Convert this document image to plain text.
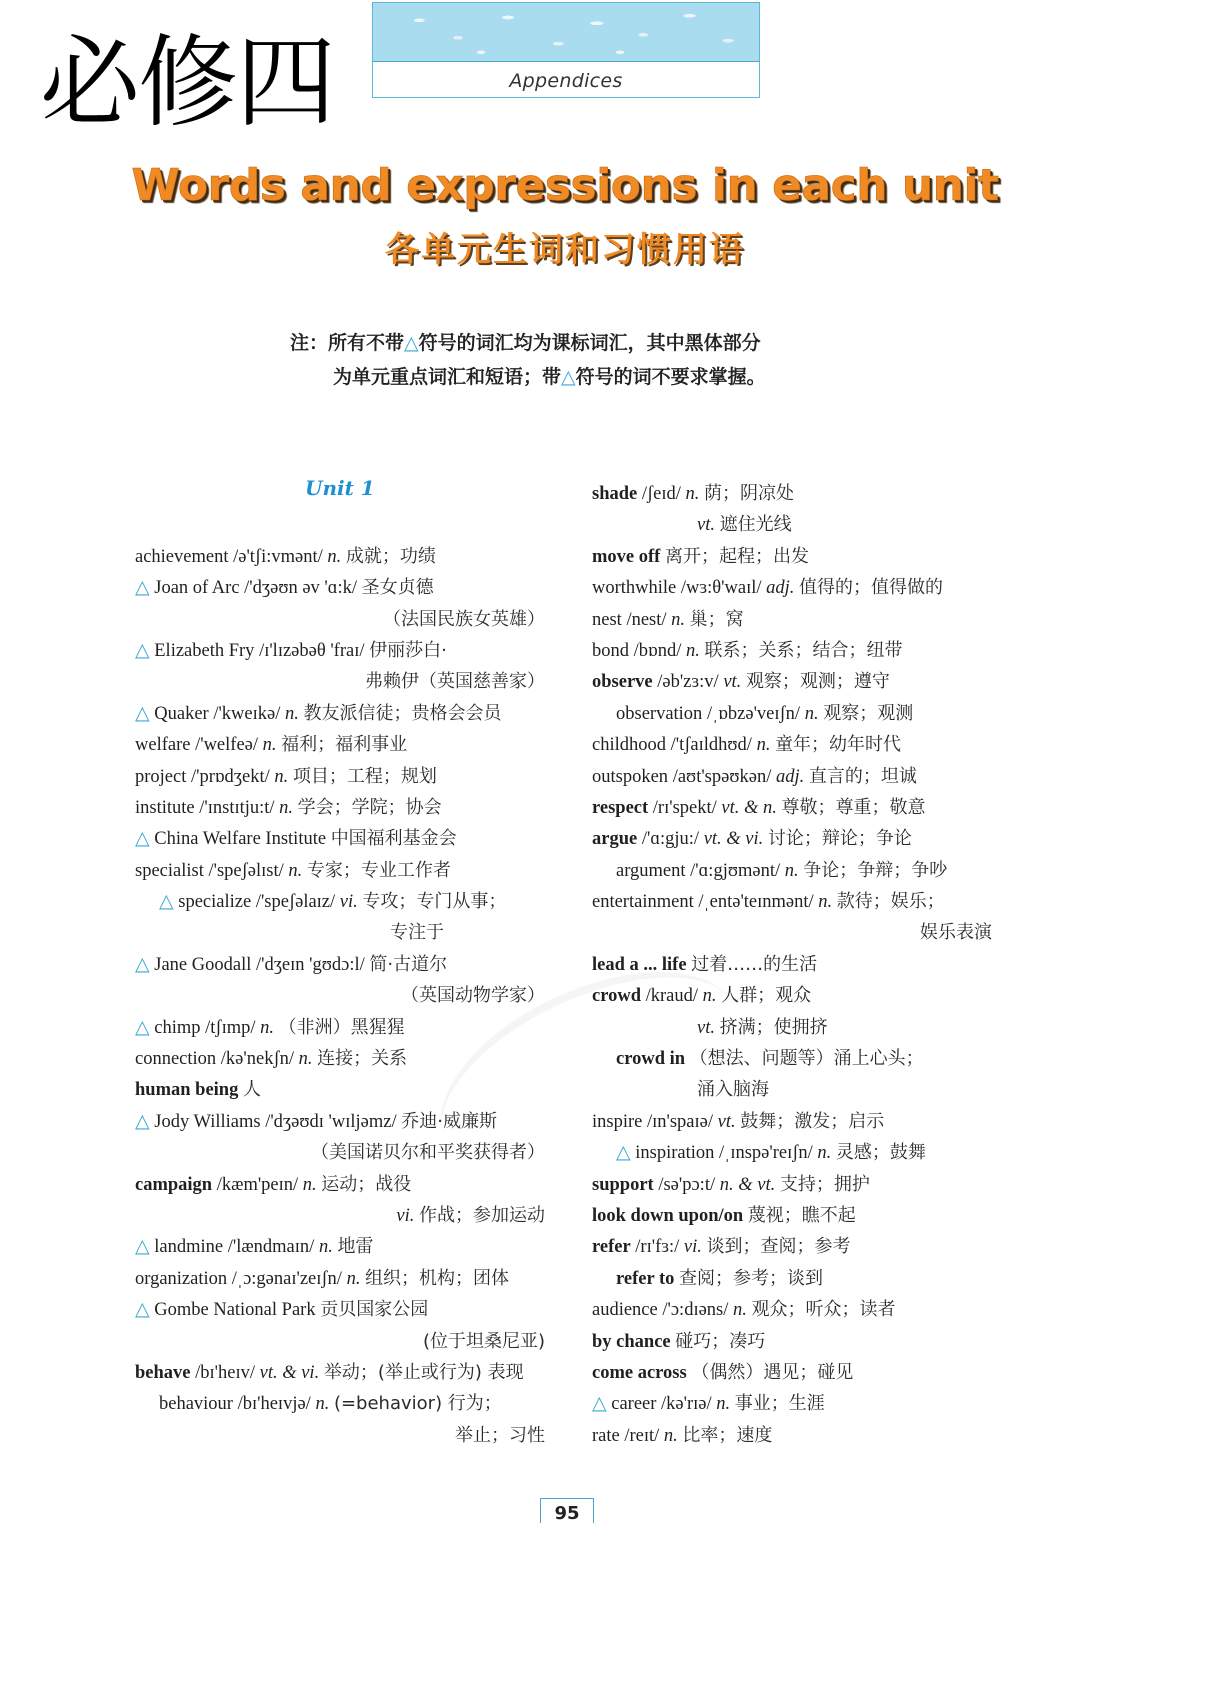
必修四	Appendices
Words and expressions in each unit
各单元生词和习惯用语
注：所有不带△符号的词汇均为课标词汇，其中黑体部分
为单元重点词汇和短语；带△符号的词不要求掌握。
Unit 1
achievement /ə'tʃi:vmənt/ n. 成就；功绩
△ Joan of Arc /'dʒəʊn əv 'ɑ:k/ 圣女贞德
（法国民族女英雄）
△ Elizabeth Fry /ɪ'lɪzəbəθ 'fraɪ/ 伊丽莎白·
弗赖伊（英国慈善家）
△ Quaker /'kweɪkə/ n. 教友派信徒；贵格会会员
welfare /'welfeə/ n. 福利；福利事业
project /'prɒdʒekt/ n. 项目；工程；规划
institute /'ɪnstɪtju:t/ n. 学会；学院；协会
△ China Welfare Institute 中国福利基金会
specialist /'speʃəlɪst/ n. 专家；专业工作者
△ specialize /'speʃəlaɪz/ vi. 专攻；专门从事；
专注于
△ Jane Goodall /'dʒeɪn 'gʊdɔ:l/ 简·古道尔
（英国动物学家）
△ chimp /tʃɪmp/ n. （非洲）黑猩猩
connection /kə'nekʃn/ n. 连接；关系
human being 人
△ Jody Williams /'dʒəʊdɪ 'wɪljəmz/ 乔迪·威廉斯
（美国诺贝尔和平奖获得者）
campaign /kæm'peɪn/ n. 运动；战役
vi. 作战；参加运动
△ landmine /'lændmaɪn/ n. 地雷
organization /ˌɔ:gənaɪ'zeɪʃn/ n. 组织；机构；团体
△ Gombe National Park 贡贝国家公园
(位于坦桑尼亚)
behave /bɪ'heɪv/ vt. & vi. 举动；(举止或行为) 表现
behaviour /bɪ'heɪvjə/ n. (=behavior) 行为；
举止；习性
shade /ʃeɪd/ n. 荫；阴凉处
vt. 遮住光线
move off 离开；起程；出发
worthwhile /wɜ:θ'waɪl/ adj. 值得的；值得做的
nest /nest/ n. 巢；窝
bond /bɒnd/ n. 联系；关系；结合；纽带
observe /əb'zɜ:v/ vt. 观察；观测；遵守
observation /ˌɒbzə'veɪʃn/ n. 观察；观测
childhood /'tʃaɪldhʊd/ n. 童年；幼年时代
outspoken /aʊt'spəʊkən/ adj. 直言的；坦诚
respect /rɪ'spekt/ vt. & n. 尊敬；尊重；敬意
argue /'ɑ:gju:/ vt. & vi. 讨论；辩论；争论
argument /'ɑ:gjʊmənt/ n. 争论；争辩；争吵
entertainment /ˌentə'teɪnmənt/ n. 款待；娱乐；
娱乐表演
lead a ... life 过着……的生活
crowd /kraud/ n. 人群；观众
vt. 挤满；使拥挤
crowd in （想法、问题等）涌上心头；
涌入脑海
inspire /ɪn'spaɪə/ vt. 鼓舞；激发；启示
△ inspiration /ˌɪnspə'reɪʃn/ n. 灵感；鼓舞
support /sə'pɔ:t/ n. & vt. 支持；拥护
look down upon/on 蔑视；瞧不起
refer /rɪ'fɜ:/ vi. 谈到；查阅；参考
refer to 查阅；参考；谈到
audience /'ɔ:dɪəns/ n. 观众；听众；读者
by chance 碰巧；凑巧
come across （偶然）遇见；碰见
△ career /kə'rɪə/ n. 事业；生涯
rate /reɪt/ n. 比率；速度
95
